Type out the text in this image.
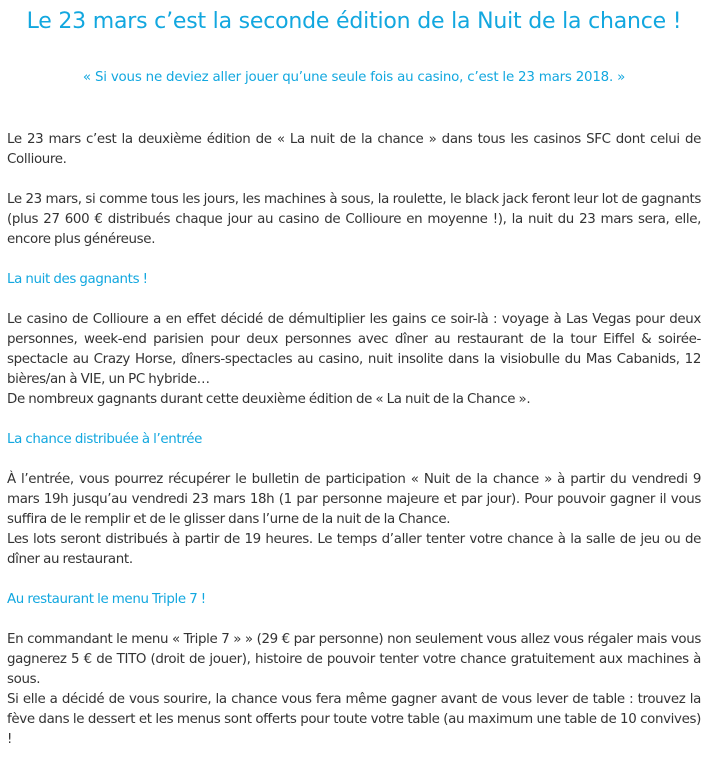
Le 23 mars c’est la seconde édition de la Nuit de la chance !
« Si vous ne deviez aller jouer qu’une seule fois au casino, c’est le 23 mars 2018. »

Le 23 mars c’est la deuxième édition de « La nuit de la chance » dans tous les casinos SFC dont celui de Collioure.

Le 23 mars, si comme tous les jours, les machines à sous, la roulette, le black jack feront leur lot de gagnants (plus 27 600 € distribués chaque jour au casino de Collioure en moyenne !), la nuit du 23 mars sera, elle, encore plus généreuse.

La nuit des gagnants !

Le casino de Collioure a en effet décidé de démultiplier les gains ce soir-là : voyage à Las Vegas pour deux personnes, week-end parisien pour deux personnes avec dîner au restaurant de la tour Eiffel & soirée-spectacle au Crazy Horse, dîners-spectacles au casino, nuit insolite dans la visiobulle du Mas Cabanids, 12 bières/an à VIE, un PC hybride…

De nombreux gagnants durant cette deuxième édition de « La nuit de la Chance ».

La chance distribuée à l’entrée

À l’entrée, vous pourrez récupérer le bulletin de participation « Nuit de la chance » à partir du vendredi 9 mars 19h jusqu’au vendredi 23 mars 18h (1 par personne majeure et par jour). Pour pouvoir gagner il vous suffira de le remplir et de le glisser dans l’urne de la nuit de la Chance.

Les lots seront distribués à partir de 19 heures. Le temps d’aller tenter votre chance à la salle de jeu ou de dîner au restaurant.

Au restaurant le menu Triple 7 !

En commandant le menu « Triple 7 » » (29 € par personne) non seulement vous allez vous régaler mais vous gagnerez 5 € de TITO (droit de jouer), histoire de pouvoir tenter votre chance gratuitement aux machines à sous.

Si elle a décidé de vous sourire, la chance vous fera même gagner avant de vous lever de table : trouvez la fève dans le dessert et les menus sont offerts pour toute votre table (au maximum une table de 10 convives) !
